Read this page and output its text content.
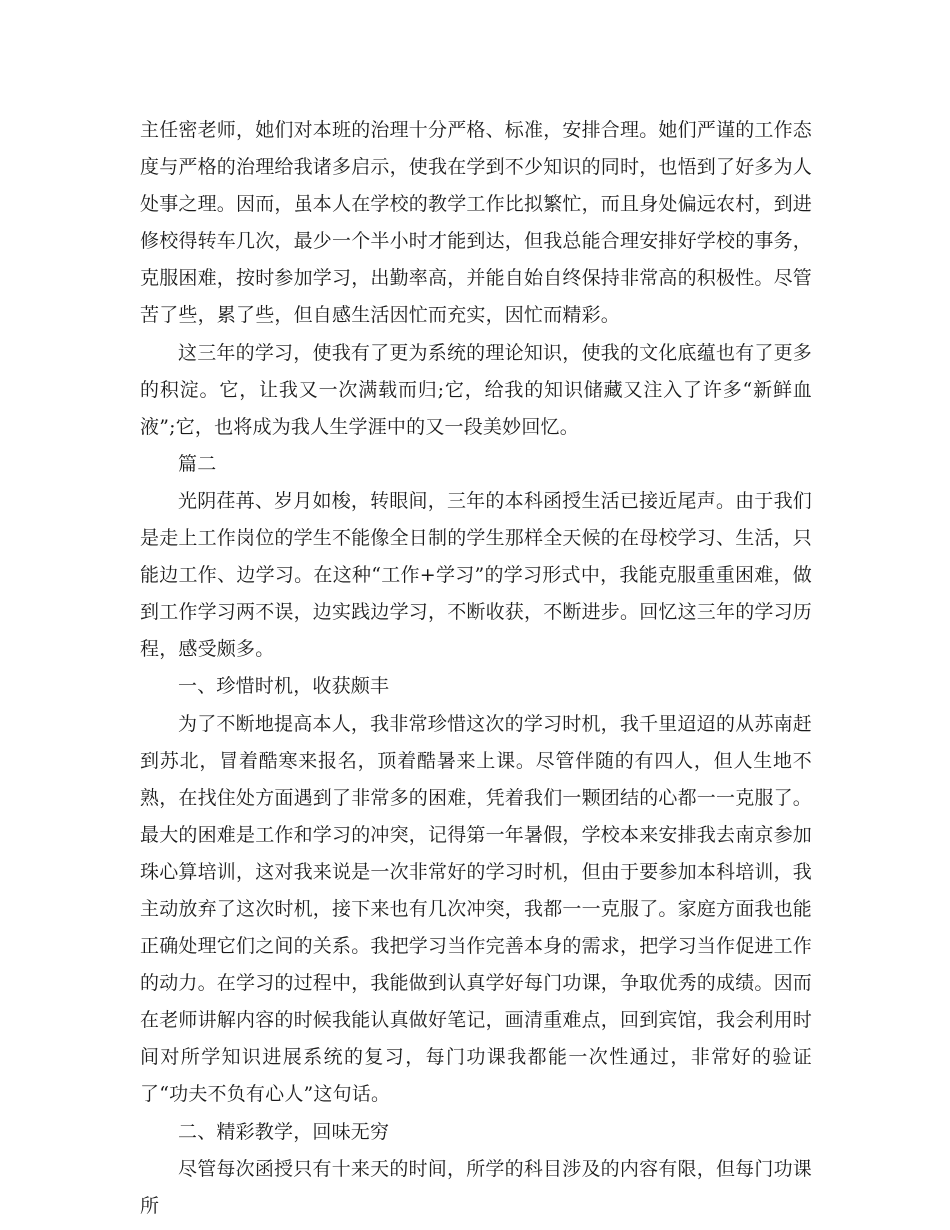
主任密老师，她们对本班的治理十分严格、标准，安排合理。她们严谨的工作态度与严格的治理给我诸多启示，使我在学到不少知识的同时，也悟到了好多为人处事之理。因而，虽本人在学校的教学工作比拟繁忙，而且身处偏远农村，到进修校得转车几次，最少一个半小时才能到达，但我总能合理安排好学校的事务，克服困难，按时参加学习，出勤率高，并能自始自终保持非常高的积极性。尽管苦了些，累了些，但自感生活因忙而充实，因忙而精彩。

这三年的学习，使我有了更为系统的理论知识，使我的文化底蕴也有了更多的积淀。它，让我又一次满载而归;它，给我的知识储藏又注入了许多“新鲜血液”;它，也将成为我人生学涯中的又一段美妙回忆。

篇二

光阴荏苒、岁月如梭，转眼间，三年的本科函授生活已接近尾声。由于我们是走上工作岗位的学生不能像全日制的学生那样全天候的在母校学习、生活，只能边工作、边学习。在这种“工作+学习”的学习形式中，我能克服重重困难，做到工作学习两不误，边实践边学习，不断收获，不断进步。回忆这三年的学习历程，感受颇多。

一、珍惜时机，收获颇丰

为了不断地提高本人，我非常珍惜这次的学习时机，我千里迢迢的从苏南赶到苏北，冒着酷寒来报名，顶着酷暑来上课。尽管伴随的有四人，但人生地不熟，在找住处方面遇到了非常多的困难，凭着我们一颗团结的心都一一克服了。最大的困难是工作和学习的冲突，记得第一年暑假，学校本来安排我去南京参加珠心算培训，这对我来说是一次非常好的学习时机，但由于要参加本科培训，我主动放弃了这次时机，接下来也有几次冲突，我都一一克服了。家庭方面我也能正确处理它们之间的关系。我把学习当作完善本身的需求，把学习当作促进工作的动力。在学习的过程中，我能做到认真学好每门功课，争取优秀的成绩。因而在老师讲解内容的时候我能认真做好笔记，画清重难点，回到宾馆，我会利用时间对所学知识进展系统的复习，每门功课我都能一次性通过，非常好的验证了“功夫不负有心人”这句话。

二、精彩教学，回味无穷

尽管每次函授只有十来天的时间，所学的科目涉及的内容有限，但每门功课所
